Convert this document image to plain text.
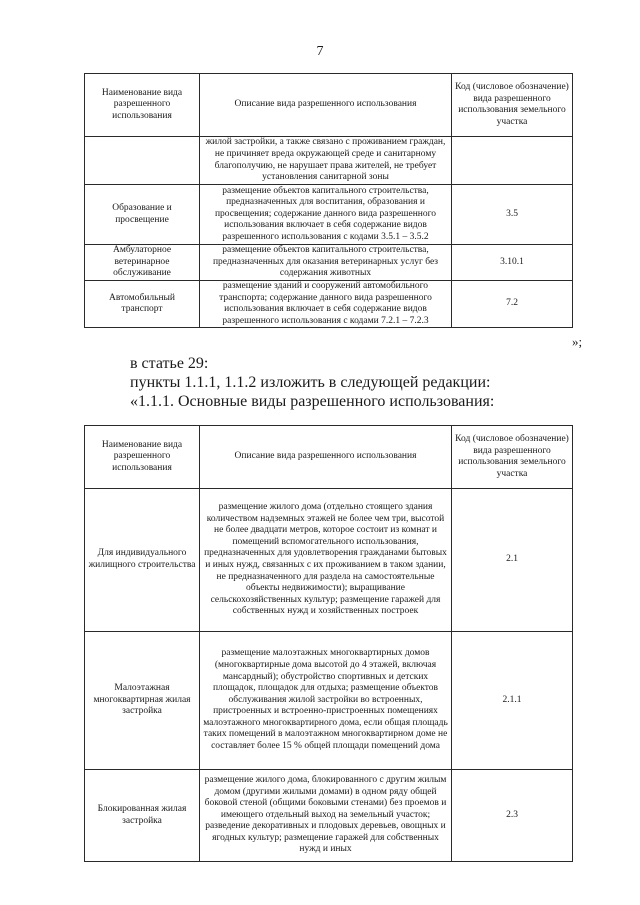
7
Наименование вида разрешенного использования	Описание вида разрешенного использования	Код (числовое обозначение) вида разрешенного использования земельного участка
	жилой застройки, а также связано с проживанием граждан, не причиняет вреда окружающей среде и санитарному благополучию, не нарушает права жителей, не требует установления санитарной зоны	
Образование и просвещение	размещение объектов капитального строительства, предназначенных для воспитания, образования и просвещения; содержание данного вида разрешенного использования включает в себя содержание видов разрешенного использования с кодами 3.5.1 – 3.5.2	3.5
Амбулаторное ветеринарное обслуживание	размещение объектов капитального строительства, предназначенных для оказания ветеринарных услуг без содержания животных	3.10.1
Автомобильный транспорт	размещение зданий и сооружений автомобильного транспорта; содержание данного вида разрешенного использования включает в себя содержание видов разрешенного использования с кодами 7.2.1 – 7.2.3	7.2
»;
в статье 29:
пункты 1.1.1, 1.1.2 изложить в следующей редакции:
«1.1.1. Основные виды разрешенного использования:
Наименование вида разрешенного использования	Описание вида разрешенного использования	Код (числовое обозначение) вида разрешенного использования земельного участка
Для индивидуального жилищного строительства	размещение жилого дома (отдельно стоящего здания количеством надземных этажей не более чем три, высотой не более двадцати метров, которое состоит из комнат и помещений вспомогательного использования, предназначенных для удовлетворения гражданами бытовых и иных нужд, связанных с их проживанием в таком здании, не предназначенного для раздела на самостоятельные объекты недвижимости); выращивание сельскохозяйственных культур; размещение гаражей для собственных нужд и хозяйственных построек	2.1
Малоэтажная многоквартирная жилая застройка	размещение малоэтажных многоквартирных домов (многоквартирные дома высотой до 4 этажей, включая мансардный); обустройство спортивных и детских площадок, площадок для отдыха; размещение объектов обслуживания жилой застройки во встроенных, пристроенных и встроенно-пристроенных помещениях малоэтажного многоквартирного дома, если общая площадь таких помещений в малоэтажном многоквартирном доме не составляет более 15 % общей площади помещений дома	2.1.1
Блокированная жилая застройка	размещение жилого дома, блокированного с другим жилым домом (другими жилыми домами) в одном ряду общей боковой стеной (общими боковыми стенами) без проемов и имеющего отдельный выход на земельный участок; разведение декоративных и плодовых деревьев, овощных и ягодных культур; размещение гаражей для собственных нужд и иных	2.3
